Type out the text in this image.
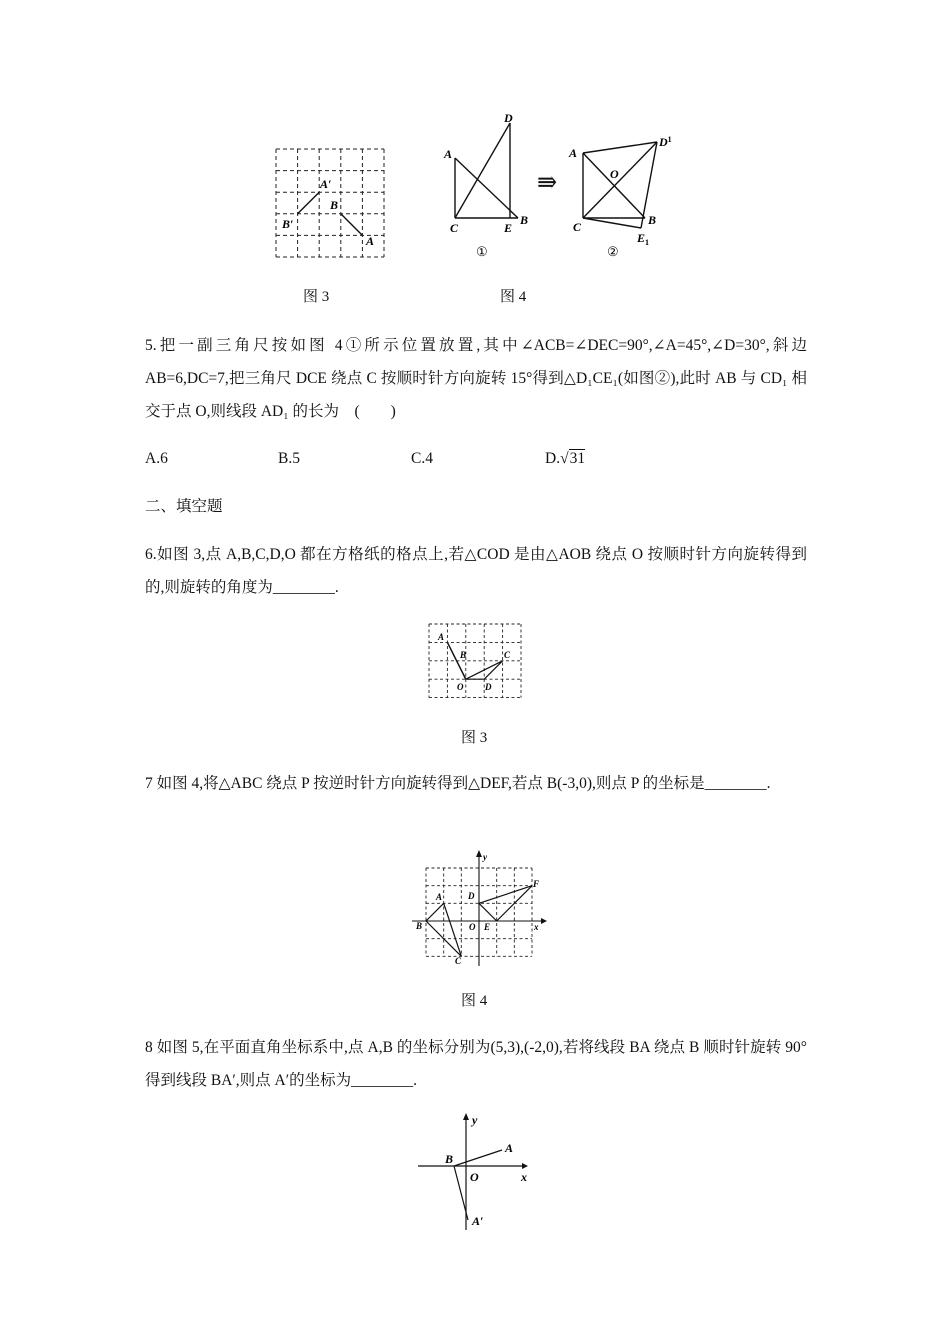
A′
B′
B
A
A
D
C	E
B
①
⇛
A
$D^1$
O
C	B
$E_1$
②
图 3	图 4
5.把一副三角尺按如图 4①所示位置放置,其中∠ACB=∠DEC=90°,∠A=45°,∠D=30°,斜边AB=6,DC=7,把三角尺 DCE 绕点 C 按顺时针方向旋转 15°得到△D₁CE₁(如图②),此时 AB 与 CD₁ 相交于点 O,则线段 AD₁ 的长为　(　　)
A.6	B.5	C.4	D.√31
二、填空题
6.如图 3,点 A,B,C,D,O 都在方格纸的格点上,若△COD 是由△AOB 绕点 O 按顺时针方向旋转得到的,则旋转的角度为________.
A
B	C
O D
图 3
7 如图 4,将△ABC 绕点 P 按逆时针方向旋转得到△DEF,若点 B(-3,0),则点 P 的坐标是________.
y
x
A	D
F
B	O E
C
图 4
8 如图 5,在平面直角坐标系中,点 A,B 的坐标分别为(5,3),(-2,0),若将线段 BA 绕点 B 顺时针旋转 90°得到线段 BA′,则点 A′的坐标为________.
y
x
A
B
O
A′
